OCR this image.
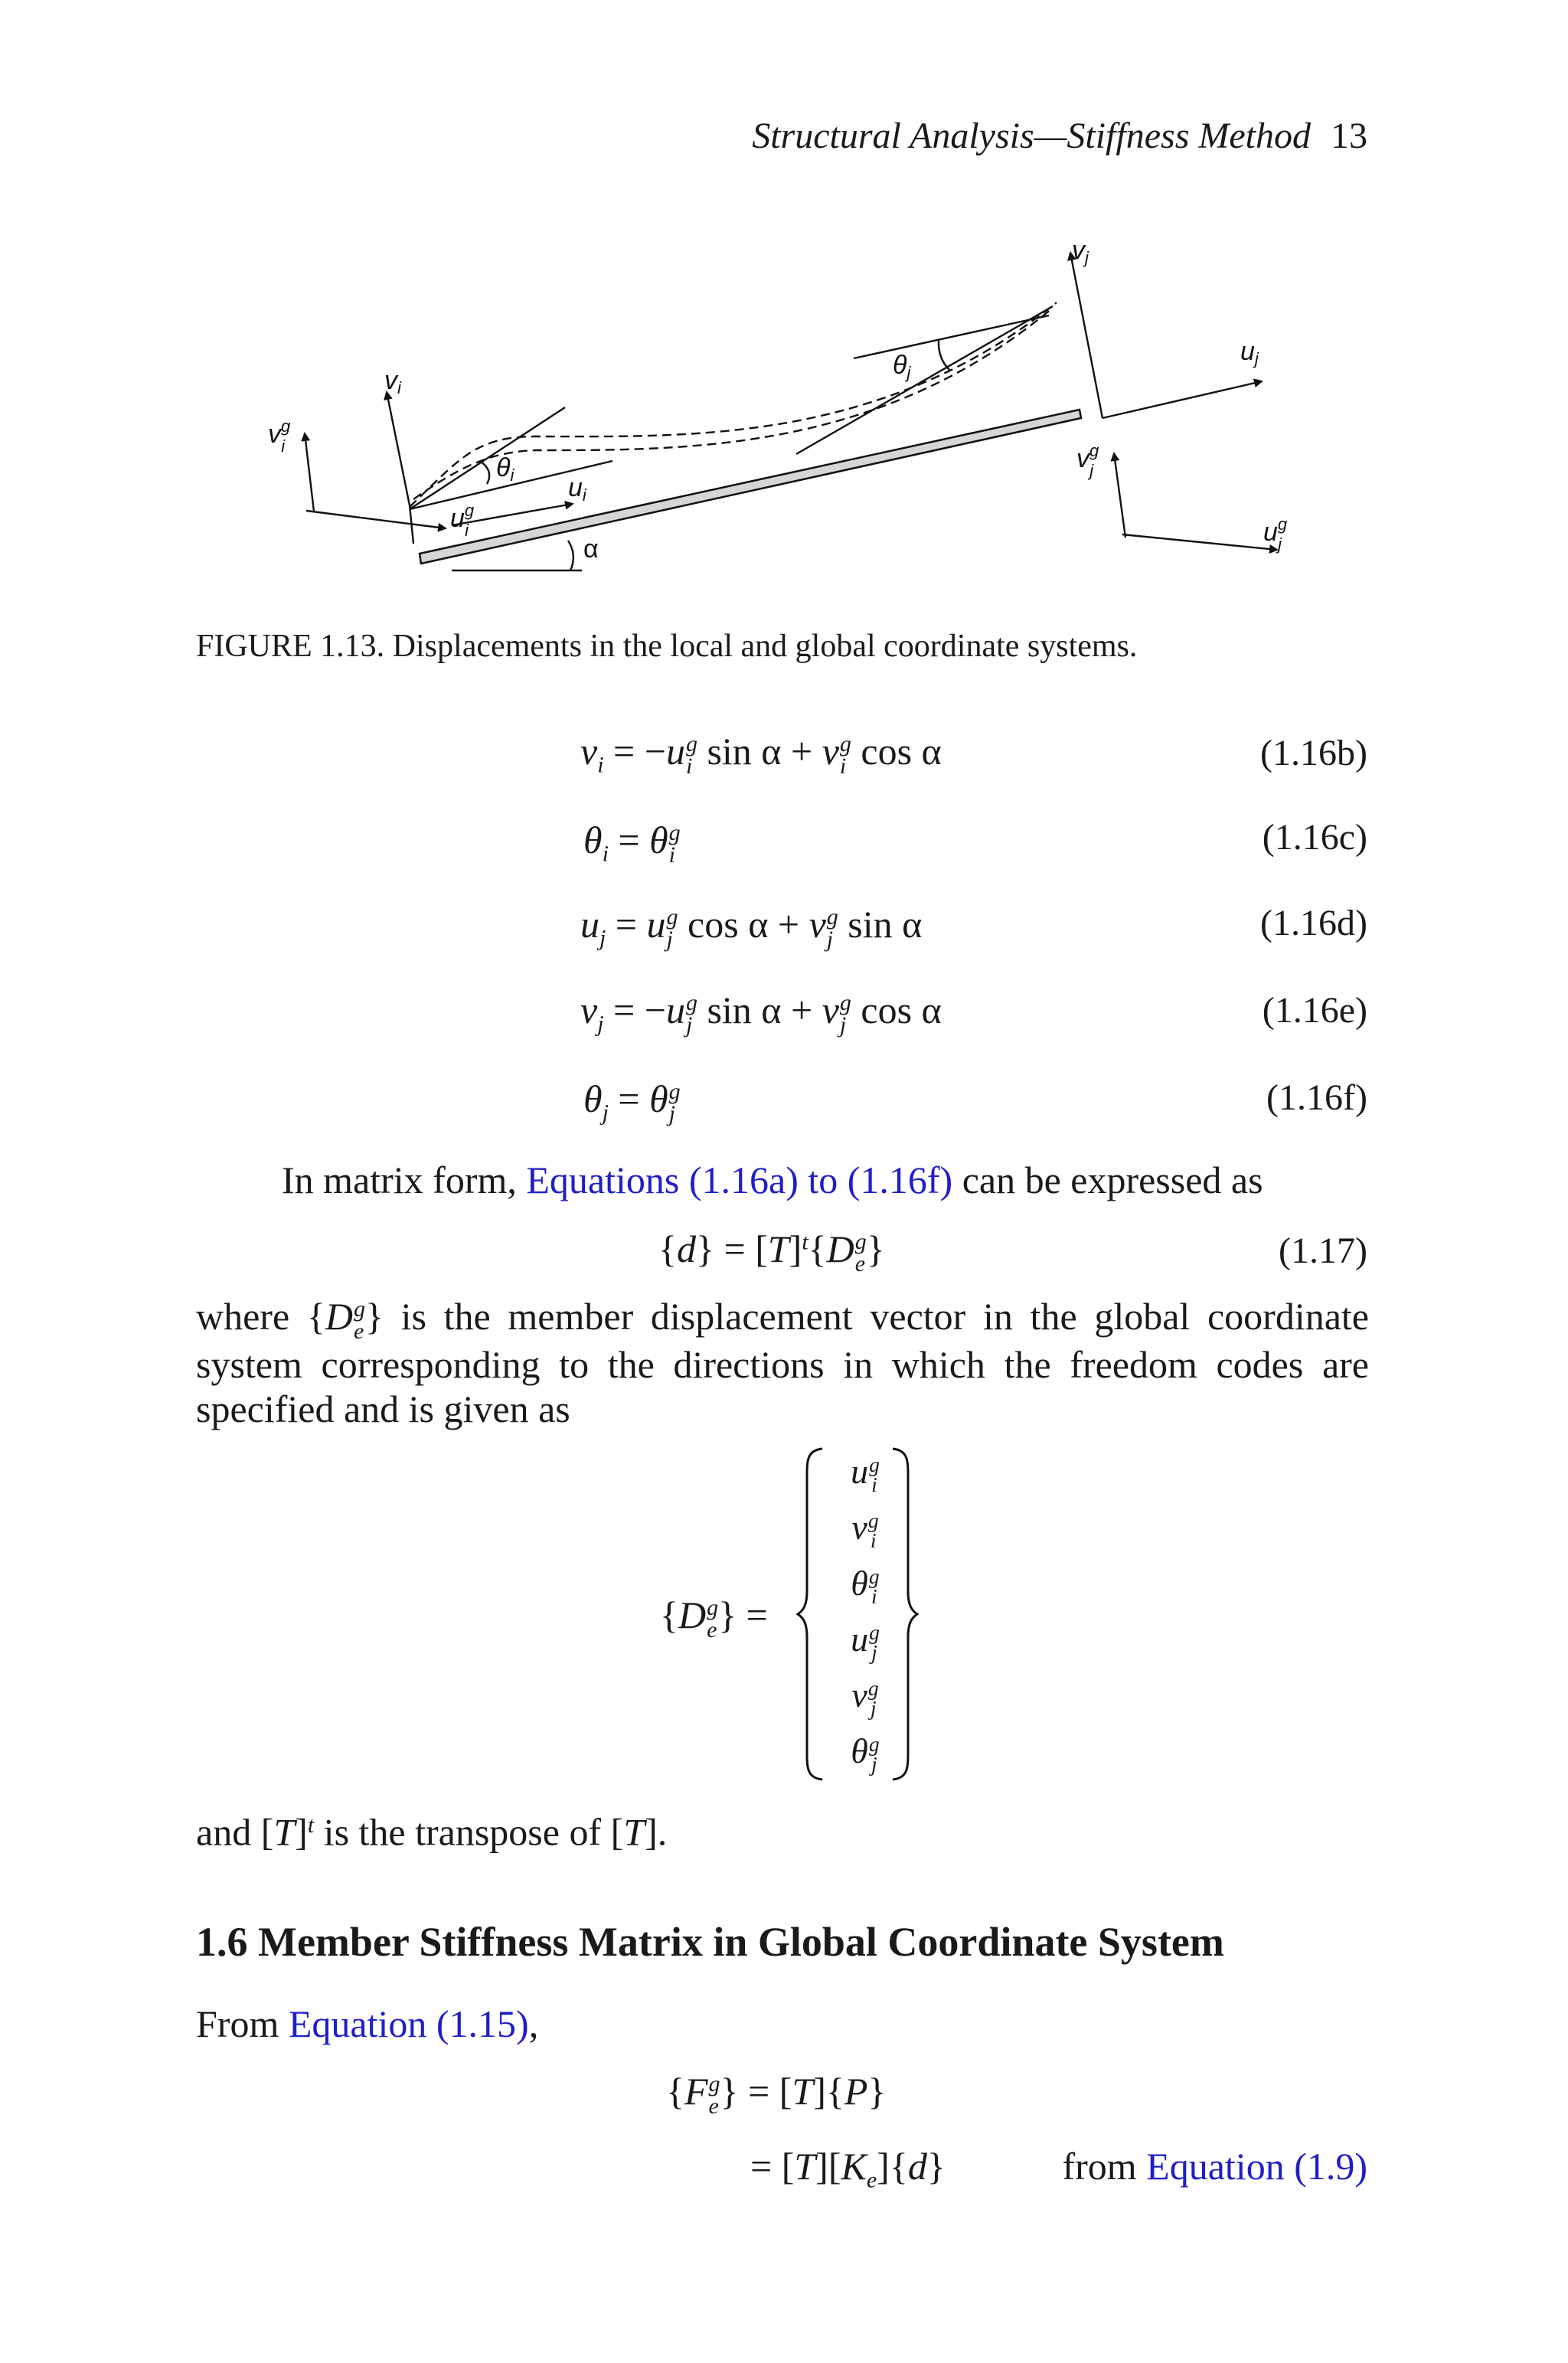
Structural Analysis—Stiffness Method 13
vi
$v^g$ i
ui
$u^g$ i
θi
α
θj
vj
uj
$v^g$ j
$u^g$ j
FIGURE 1.13. Displacements in the local and global coordinate systems.
$v_i = -u$ g
i sin α + v g
i cos α	(1.16b)
$\theta_i = \theta$ g
i	(1.16c)
$u_j = u$ g
j cos α + v g
j sin α	(1.16d)
$v_j = -u$ g
j sin α + v g
j cos α	(1.16e)
$\theta_j = \theta$ g
j	(1.16f)
In matrix form, Equations (1.16a) to (1.16f) can be expressed as
$\{d\} = [T]^t\{D$ g
e }	(1.17)
where {D g
e } is the member displacement vector in the global coordinate system corresponding to the directions in which the freedom codes are specified and is given as
{D g
e } =
u g
i
v g
i
θ g
i
u g
j
v g
j
θ g
j
and $[T]^t$ is the transpose of [T].
1.6 Member Stiffness Matrix in Global Coordinate System
From Equation (1.15),
{F g
e } = [T]{P}
= $[T][K_e]\{d\}$	from Equation (1.9)
